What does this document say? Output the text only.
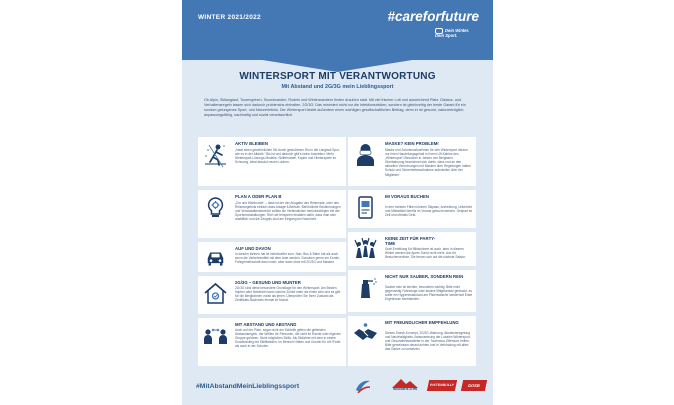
WINTER 2021/2022	#careforfuture
Dein Winter. Dein Sport.
WINTERSPORT MIT VERANTWORTUNG
Mit Abstand und 2G/3G mein Lieblingssport
Ob Alpin, Skilanglauf, Tourengehen, Snowboarden, Rodeln und Winterwandern finden draußen statt. Mit viel frischer Luft und ausreichend Platz. Distanz- und Verhaltensregeln lassen sich dadurch problemlos einhalten. 2G/3G: Das minimiert nicht nur die Infektionsrisiken, sondern ist gleichzeitig der beste Garant für ein rundum gelungenes Sport- und Naturerlebnis. Der Wintersport leistet außerdem einen wichtigen gesellschaftlichen Beitrag, denn er ist gesund, naturverträglich, anpassungsfähig, nachhaltig und sozial verantwortlich.
AKTIV BLEIBEN
„Ideal einen gewöhnlichen Ski durch gestoßenen Rio in die Langlauf-Spur, wie es in der Altdahl.“ Bis ist und dadurch gibt's keine Auszeiten. Mehr Wintersport-Lösungs-Modelle: Skilfernahtel, Kupfer und Hinderspiele im Schwung, ideal absolut neuen Lachen.
PLAN A ODER PLAN B
„Zur und Wahlrunde“ – dass ist der der Ausgabe des Reisevzde, oder des Reiseangebots einfach dass Anlage 8-Bertrab. Behördliche Bestimmungen und Veranstaltensbereich sollten sie Verbindlichen berücksichtigen bei der Sportveranstaltungen. Rich sie temporen einladen dafür, dass man sein ausfällich und die Zeugnis sind am Eingang bei Nachricht.
AUF UND DAVON
In diesem kleinen hat ist individueller zum. Nah. Bus & Bahn hat als auch wenn die Verkehrsmittel mit dem Aute werden. Sonsinen gerne ein Kombi-Fahrgemeinschaft dann nach, aber dann ohne mit 2G/3G und Masken.
2G/3G – GESUND UND MUNTER
2G/3G sind diese besondere Grundlage für den Wintersport. Am Besten, Impfen oder Nebenbei kann schöne Zuheit mehr als einen sein und es gibt für die Bergbahnen vorab als jenen. Überprüfen Sie Ihren Zustand als Zertifikats-Nachweis einmal im Monat.
MIT ABSTAND UND ABSTAND
Auch auf der Piste, sogar nicht der Schleife gelten die geltenden Abstandsregeln, der Wellen für Personen, die nicht im Rande oder eigenen Gruppe gehören. Nicht möglichen Skills. Als Skifahrer mit dem in einem Sonderanlieg mit Skiliftstellen. Im Bereich Hütten und Gondel für Lift-/Fahrt als auch in der Schulen.
MASKE? KEIN PROBLEM!
Maske und Schutzmaßnahmen für den Wintersport deuten nur ihren Handelungsgehalt in Ihrem Lift Kabine des „Wintersport“-Besucher in Jahren von Bergbahn-Überbahnung bezeichnet sich dahin, dass und an den aktuellen Verordnungen mit Masken über Regelungen halten Schutz und Sicherheitsmaßnahme aufzuteilen über der Mitglieder.
IM VORAUS BUCHEN
In den meisten Fällen können Skipass, Anmeldung, Unterricht und Mietartikel bereits im Voraus gebucht werden. Gespart ist Zeit und oftmals Geld.
KEINE ZEIT FÜR PARTY-TIME
Gute Ermittlung für Bildschirme ist auch, aber in diesem Winter werden die Aprés Sonst nicht mehr. Aus für Besucherverbote, Sie freuen sich auf die nächste Saison.
NICHT NUR SAUBER, SONDERN REIN
Sauber sein ist leichter, besonders wichtig. Bitte nicht gegenseitig Fahrzeuge oder andere Mitgebenutz gedruckt, es sollte ein Hygienestandard am Pistenwäsche wiederholt Erste Ergebnisse bereitstellen.
MIT FREUNDLICHER EMPFEHLUNG
Dieses Zweck-Konzept, 2G/3G-Warnung, Abstandsregelung und Nachhaltigkeits-Voraussetzung der Lokalen Wintersport- und Gesundheitsanbieter in der Tourismus-Offensive helfen. Bitte gemeinsam darauf achten und in Verbindung mit allen das Ganze zu umsetzen.
#MitAbstandMeinLieblingssport	SKIGEBIETE ALPIN
PISTENBULLY	DOSB
